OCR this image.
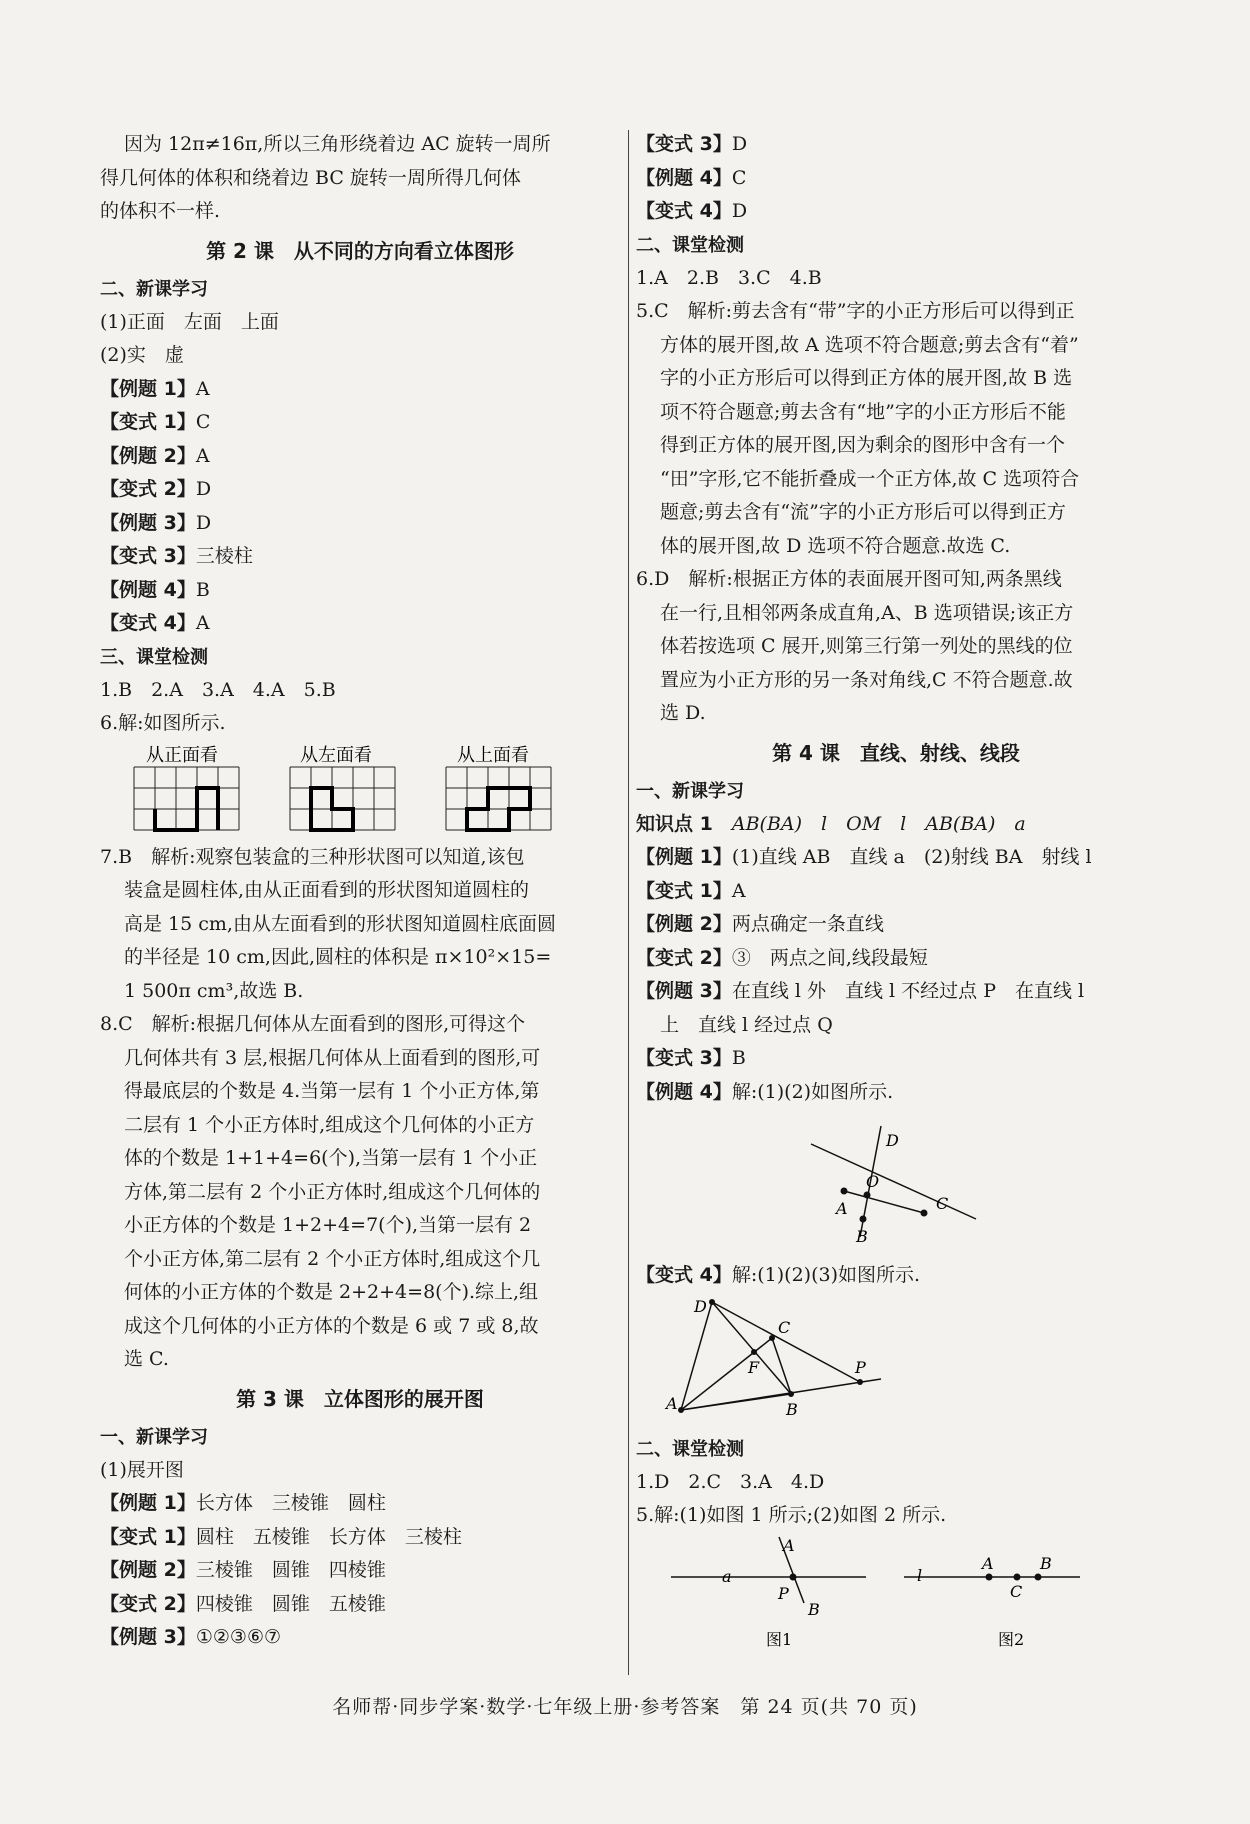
因为 12π≠16π,所以三角形绕着边 AC 旋转一周所
得几何体的体积和绕着边 BC 旋转一周所得几何体
的体积不一样.
第 2 课　从不同的方向看立体图形
二、新课学习
(1)正面　左面　上面
(2)实　虚
【例题 1】A
【变式 1】C
【例题 2】A
【变式 2】D
【例题 3】D
【变式 3】三棱柱
【例题 4】B
【变式 4】A
三、课堂检测
1.B　2.A　3.A　4.A　5.B
6.解:如图所示.
从正面看	从左面看	从上面看
7.B　解析:观察包装盒的三种形状图可以知道,该包
装盒是圆柱体,由从正面看到的形状图知道圆柱的
高是 15 cm,由从左面看到的形状图知道圆柱底面圆
的半径是 10 cm,因此,圆柱的体积是 π×10²×15=
1 500π cm³,故选 B.
8.C　解析:根据几何体从左面看到的图形,可得这个
几何体共有 3 层,根据几何体从上面看到的图形,可
得最底层的个数是 4.当第一层有 1 个小正方体,第
二层有 1 个小正方体时,组成这个几何体的小正方
体的个数是 1+1+4=6(个),当第一层有 1 个小正
方体,第二层有 2 个小正方体时,组成这个几何体的
小正方体的个数是 1+2+4=7(个),当第一层有 2
个小正方体,第二层有 2 个小正方体时,组成这个几
何体的小正方体的个数是 2+2+4=8(个).综上,组
成这个几何体的小正方体的个数是 6 或 7 或 8,故
选 C.
第 3 课　立体图形的展开图
一、新课学习
(1)展开图
【例题 1】长方体　三棱锥　圆柱
【变式 1】圆柱　五棱锥　长方体　三棱柱
【例题 2】三棱锥　圆锥　四棱锥
【变式 2】四棱锥　圆锥　五棱锥
【例题 3】①②③⑥⑦
【变式 3】D
【例题 4】C
【变式 4】D
二、课堂检测
1.A　2.B　3.C　4.B
5.C　解析:剪去含有“带”字的小正方形后可以得到正
方体的展开图,故 A 选项不符合题意;剪去含有“着”
字的小正方形后可以得到正方体的展开图,故 B 选
项不符合题意;剪去含有“地”字的小正方形后不能
得到正方体的展开图,因为剩余的图形中含有一个
“田”字形,它不能折叠成一个正方体,故 C 选项符合
题意;剪去含有“流”字的小正方形后可以得到正方
体的展开图,故 D 选项不符合题意.故选 C.
6.D　解析:根据正方体的表面展开图可知,两条黑线
在一行,且相邻两条成直角,A、B 选项错误;该正方
体若按选项 C 展开,则第三行第一列处的黑线的位
置应为小正方形的另一条对角线,C 不符合题意.故
选 D.
第 4 课　直线、射线、线段
一、新课学习
知识点 1　 AB(BA)　l　OM　l　AB(BA)　a
【例题 1】(1)直线 AB　直线 a　(2)射线 BA　射线 l
【变式 1】A
【例题 2】两点确定一条直线
【变式 2】③　两点之间,线段最短
【例题 3】在直线 l 外　直线 l 不经过点 P　在直线 l
上　直线 l 经过点 Q
【变式 3】B
【例题 4】解:(1)(2)如图所示.
D
O
C
A
B
【变式 4】解:(1)(2)(3)如图所示.
D
C
F	P
A	B
二、课堂检测
1.D　2.C　3.A　4.D
5.解:(1)如图 1 所示;(2)如图 2 所示.
A
a
P
B
图1
l
A	B
C
图2
名师帮·同步学案·数学·七年级上册·参考答案　第 24 页(共 70 页)
